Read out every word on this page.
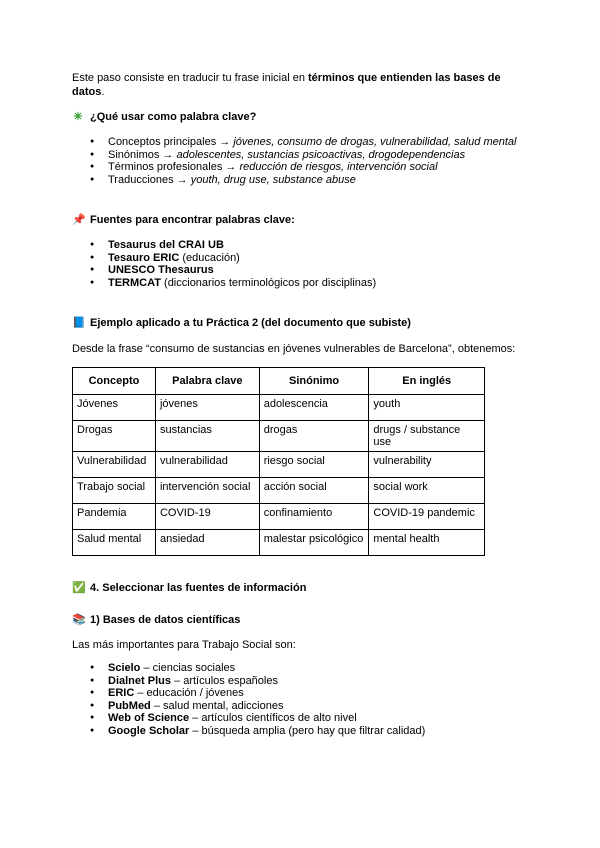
Este paso consiste en traducir tu frase inicial en términos que entienden las bases de datos.

✳ ¿Qué usar como palabra clave?
● Conceptos principales → jóvenes, consumo de drogas, vulnerabilidad, salud mental
● Sinónimos → adolescentes, sustancias psicoactivas, drogodependencias
● Términos profesionales → reducción de riesgos, intervención social
● Traducciones → youth, drug use, substance abuse
📌 Fuentes para encontrar palabras clave:
● Tesaurus del CRAI UB
● Tesauro ERIC (educación)
● UNESCO Thesaurus
● TERMCAT (diccionarios terminológicos por disciplinas)
📘 Ejemplo aplicado a tu Práctica 2 (del documento que subiste)

Desde la frase “consumo de sustancias en jóvenes vulnerables de Barcelona”, obtenemos:

Concepto	Palabra clave	Sinónimo	En inglés
Jóvenes	jóvenes	adolescencia	youth
Drogas	sustancias	drogas	drugs / substance use
Vulnerabilidad	vulnerabilidad	riesgo social	vulnerability
Trabajo social	intervención social	acción social	social work
Pandemia	COVID-19	confinamiento	COVID-19 pandemic
Salud mental	ansiedad	malestar psicológico	mental health
✅ 4. Seleccionar las fuentes de información
📚 1) Bases de datos científicas

Las más importantes para Trabajo Social son:

● Scielo – ciencias sociales
● Dialnet Plus – artículos españoles
● ERIC – educación / jóvenes
● PubMed – salud mental, adicciones
● Web of Science – artículos científicos de alto nivel
● Google Scholar – búsqueda amplia (pero hay que filtrar calidad)
